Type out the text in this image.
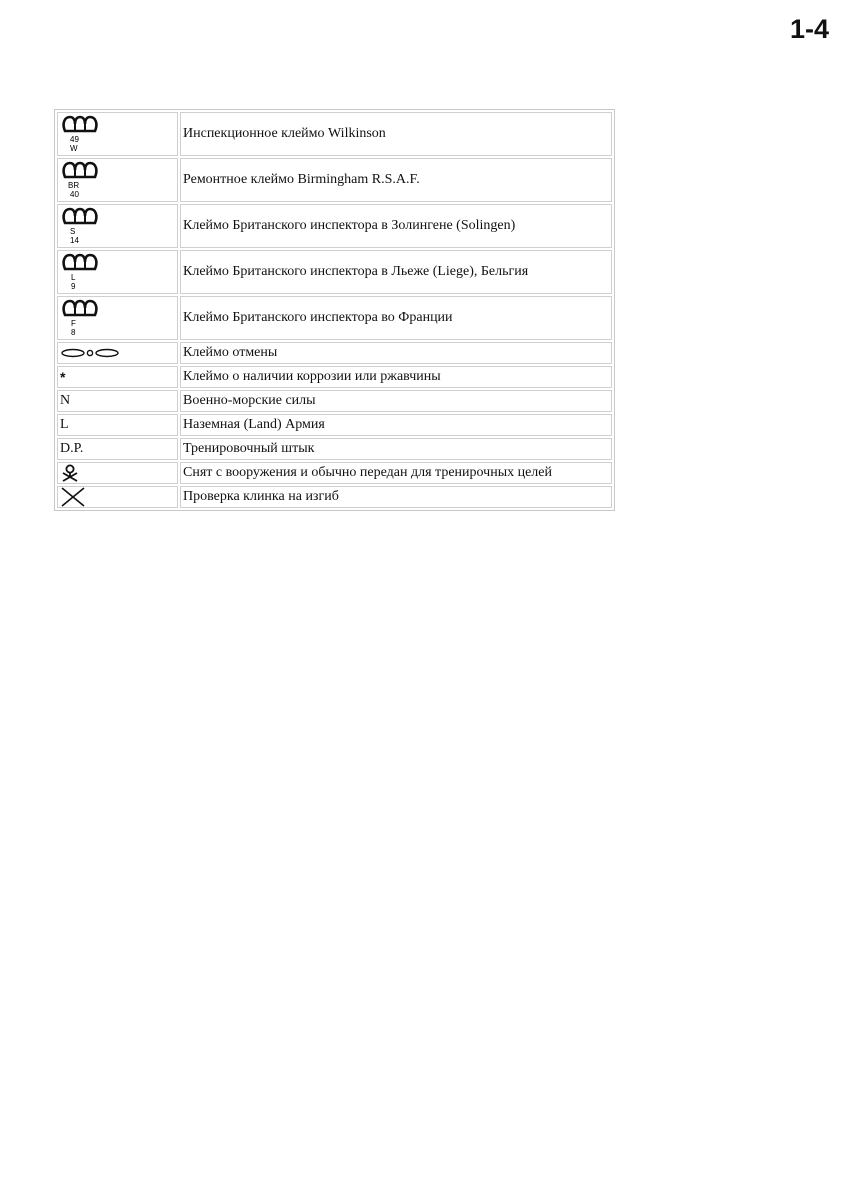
1-4
49
W	Инспекционное клеймо Wilkinson

BR
40	Ремонтное клеймо Birmingham R.S.A.F.

S
14	Клеймо Британского инспектора в Золингене (Solingen)

L
9	Клеймо Британского инспектора в Льеже (Liege), Бельгия

F
8	Клеймо Британского инспектора во Франции

	Клеймо отмены
*	Клеймо о наличии коррозии или ржавчины
N	Военно-морские силы
L	Наземная (Land) Армия
D.P.	Тренировочный штык

	Снят с вооружения и обычно передан для тренирочных целей

	Проверка клинка на изгиб
